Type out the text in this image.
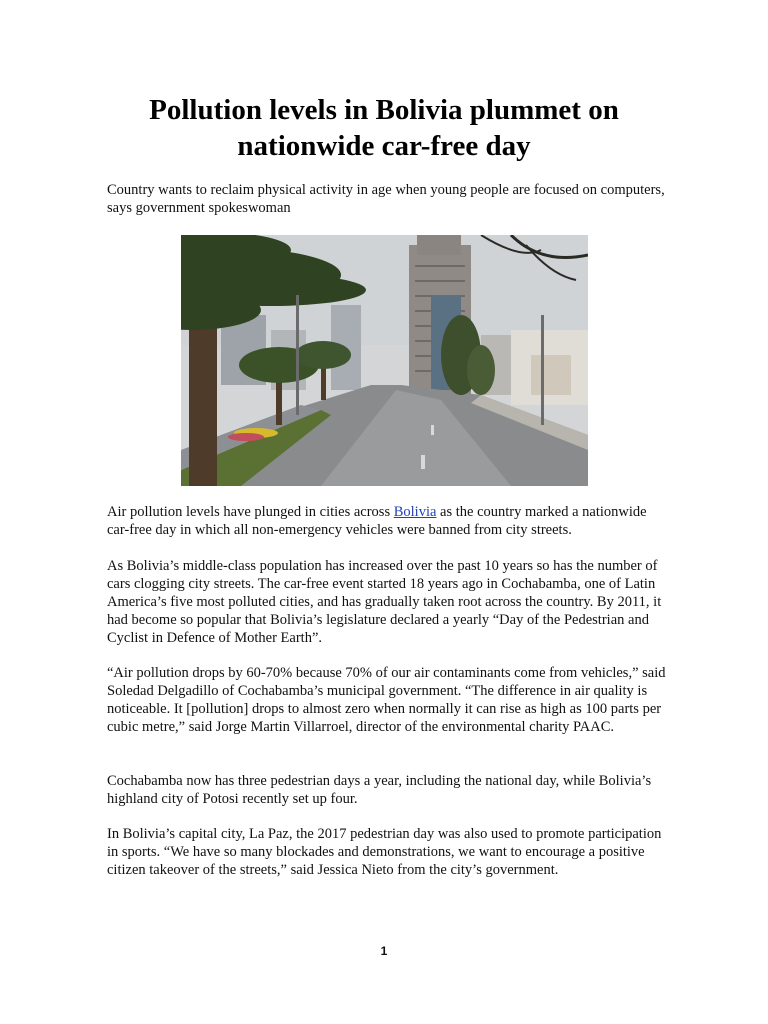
Pollution levels in Bolivia plummet on nationwide car-free day

Country wants to reclaim physical activity in age when young people are focused on computers, says government spokeswoman

Air pollution levels have plunged in cities across Bolivia as the country marked a nationwide car-free day in which all non-emergency vehicles were banned from city streets.

As Bolivia’s middle-class population has increased over the past 10 years so has the number of cars clogging city streets. The car-free event started 18 years ago in Cochabamba, one of Latin America’s five most polluted cities, and has gradually taken root across the country. By 2011, it had become so popular that Bolivia’s legislature declared a yearly “Day of the Pedestrian and Cyclist in Defence of Mother Earth”.

“Air pollution drops by 60-70% because 70% of our air contaminants come from vehicles,” said Soledad Delgadillo of Cochabamba’s municipal government. “The difference in air quality is noticeable. It [pollution] drops to almost zero when normally it can rise as high as 100 parts per cubic metre,” said Jorge Martin Villarroel, director of the environmental charity PAAC.

Cochabamba now has three pedestrian days a year, including the national day, while Bolivia’s highland city of Potosi recently set up four.

In Bolivia’s capital city, La Paz, the 2017 pedestrian day was also used to promote participation in sports. “We have so many blockades and demonstrations, we want to encourage a positive citizen takeover of the streets,” said Jessica Nieto from the city’s government.

1
